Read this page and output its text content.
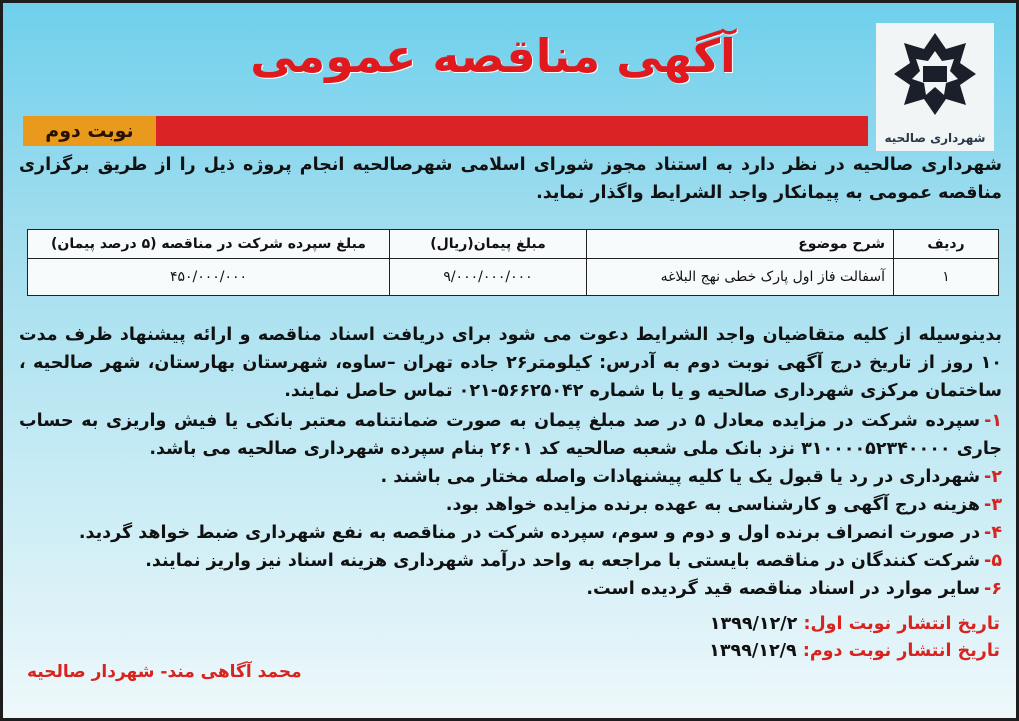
شهرداری صالحیه
آگهی مناقصه عمومی
نوبت دوم
شهرداری صالحیه در نظر دارد به استناد مجوز شورای اسلامی شهرصالحیه انجام پروژه ذیل را از طریق برگزاری مناقصه عمومی به پیمانکار واجد الشرایط واگذار نماید.
ردیف	شرح موضوع	مبلغ پیمان(ریال)	مبلغ سپرده شرکت در مناقصه (۵ درصد پیمان)
۱	آسفالت فاز اول پارک خطی نهج البلاغه	۹/۰۰۰/۰۰۰/۰۰۰	۴۵۰/۰۰۰/۰۰۰
بدینوسیله از کلیه متقاضیان واجد الشرایط دعوت می شود برای دریافت اسناد مناقصه و ارائه پیشنهاد ظرف مدت ۱۰ روز از تاریخ درج آگهی نوبت دوم به آدرس: کیلومتر۲۶ جاده تهران –ساوه، شهرستان بهارستان، شهر صالحیه ، ساختمان مرکزی شهرداری صالحیه و یا با شماره ۵۶۶۲۵۰۴۲-۰۲۱ تماس حاصل نمایند.
۱-سپرده شرکت در مزایده معادل ۵ در صد مبلغ پیمان به صورت ضمانتنامه معتبر بانکی یا فیش واریزی به حساب جاری ۳۱۰۰۰۰۵۲۳۴۰۰۰۰ نزد بانک ملی شعبه صالحیه کد ۲۶۰۱ بنام سپرده شهرداری صالحیه می باشد.
۲-شهرداری در رد یا قبول یک یا کلیه پیشنهادات واصله مختار می باشند .
۳-هزینه درج آگهی و کارشناسی به عهده برنده مزایده خواهد بود.
۴-در صورت انصراف برنده اول و دوم و سوم، سپرده شرکت در مناقصه به نفع شهرداری ضبط خواهد گردید.
۵-شرکت کنندگان در مناقصه بایستی با مراجعه به واحد درآمد شهرداری هزینه اسناد نیز واریز نمایند.
۶-سایر موارد در اسناد مناقصه قید گردیده است.
تاریخ انتشار نوبت اول: ۱۳۹۹/۱۲/۲
تاریخ انتشار نوبت دوم: ۱۳۹۹/۱۲/۹
محمد آگاهی مند- شهردار صالحیه
